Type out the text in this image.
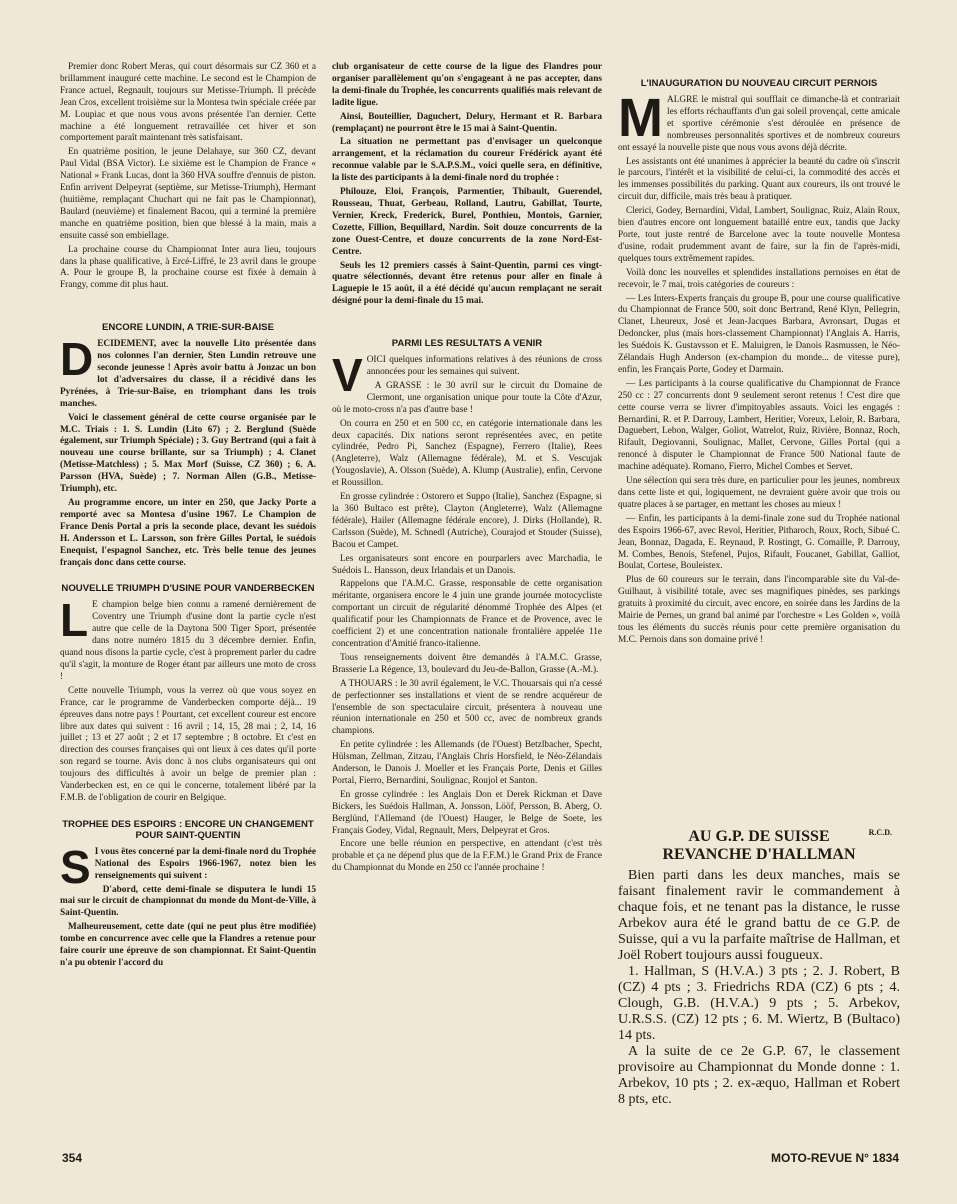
Premier donc Robert Meras, qui court désormais sur CZ 360 et a brillamment inauguré cette machine. Le second est le Champion de France actuel, Regnault, toujours sur Metisse-Triumph. Il précède Jean Cros, excellent troisième sur la Montesa twin spéciale créée par M. Loupiac et que nous vous avons présentée l'an dernier. Cette machine a été longuement retravaillée cet hiver et son comportement paraît maintenant très satisfaisant.

En quatrième position, le jeune Delahaye, sur 360 CZ, devant Paul Vidal (BSA Victor). Le sixième est le Champion de France « National » Frank Lucas, dont la 360 HVA souffre d'ennuis de piston. Enfin arrivent Delpeyrat (septième, sur Metisse-Triumph), Hermant (huitième, remplaçant Chuchart qui ne fait pas le Championnat), Baulard (neuvième) et finalement Bacou, qui a terminé la première manche en quatrième position, bien que blessé à la main, mais a ensuite cassé son embiellage.

La prochaine course du Championnat Inter aura lieu, toujours dans la phase qualificative, à Ercé-Liffré, le 23 avril dans le groupe A. Pour le groupe B, la prochaine course est fixée à demain à Frangy, comme dit plus haut.

ENCORE LUNDIN, A TRIE-SUR-BAISE
D ECIDEMENT, avec la nouvelle Lito présentée dans nos colonnes l'an dernier, Sten Lundin retrouve une seconde jeunesse ! Après avoir battu à Jonzac un bon lot d'adversaires du classe, il a récidivé dans les Pyrénées, à Trie-sur-Baïse, en triomphant dans les trois manches.

Voici le classement général de cette course organisée par le M.C. Triais : 1. S. Lundin (Lito 67) ; 2. Berglund (Suède également, sur Triumph Spéciale) ; 3. Guy Bertrand (qui a fait à nouveau une course brillante, sur sa Triumph) ; 4. Clanet (Metisse-Matchless) ; 5. Max Morf (Suisse, CZ 360) ; 6. A. Parsson (HVA, Suède) ; 7. Norman Allen (G.B., Metisse-Triumph), etc.

Au programme encore, un inter en 250, que Jacky Porte a remporté avec sa Montesa d'usine 1967. Le Champion de France Denis Portal a pris la seconde place, devant les suédois H. Andersson et L. Larsson, son frère Gilles Portal, le suédois Enequist, l'espagnol Sanchez, etc. Très belle tenue des jeunes français donc dans cette course.

NOUVELLE TRIUMPH D'USINE POUR VANDERBECKEN
L E champion belge bien connu a ramené dernièrement de Coventry une Triumph d'usine dont la partie cycle n'est autre que celle de la Daytona 500 Tiger Sport, présentée dans notre numéro 1815 du 3 décembre dernier. Enfin, quand nous disons la partie cycle, c'est à proprement parler du cadre qu'il s'agit, la monture de Roger étant par ailleurs une moto de cross !

Cette nouvelle Triumph, vous la verrez où que vous soyez en France, car le programme de Vanderbecken comporte déjà... 19 épreuves dans notre pays ! Pourtant, cet excellent coureur est encore libre aux dates qui suivent : 16 avril ; 14, 15, 28 mai ; 2, 14, 16 juillet ; 13 et 27 août ; 2 et 17 septembre ; 8 octobre. Et c'est en direction des courses françaises qui ont lieux à ces dates qu'il porte son regard se tourne. Avis donc à nos clubs organisateurs qui ont toujours des difficultés à avoir un belge de premier plan : Vanderbecken est, en ce qui le concerne, totalement libéré par la F.M.B. de l'obligation de courir en Belgique.

TROPHEE DES ESPOIRS : ENCORE UN CHANGEMENT POUR SAINT-QUENTIN
S I vous êtes concerné par la demi-finale nord du Trophée National des Espoirs 1966-1967, notez bien les renseignements qui suivent :

D'abord, cette demi-finale se disputera le lundi 15 mai sur le circuit de championnat du monde du Mont-de-Ville, à Saint-Quentin.

Malheureusement, cette date (qui ne peut plus être modifiée) tombe en concurrence avec celle que la Flandres a retenue pour faire courir une épreuve de son championnat. Et Saint-Quentin n'a pu obtenir l'accord du

club organisateur de cette course de la ligue des Flandres pour organiser parallèlement qu'on s'engageant à ne pas accepter, dans la demi-finale du Trophée, les concurrents qualifiés mais relevant de ladite ligue.

Ainsi, Bouteillier, Daguchert, Delury, Hermant et R. Barbara (remplaçant) ne pourront être le 15 mai à Saint-Quentin.

La situation ne permettant pas d'envisager un quelconque arrangement, et la réclamation du coureur Frédérick ayant été reconnue valable par le S.A.P.S.M., voici quelle sera, en définitive, la liste des participants à la demi-finale nord du trophée :

Philouze, Eloi, François, Parmentier, Thibault, Guerendel, Rousseau, Thuat, Gerbeau, Rolland, Lautru, Gabillat, Tourte, Vernier, Kreck, Frederick, Burel, Ponthieu, Montois, Garnier, Cozette, Fillion, Bequillard, Nardin. Soit douze concurrents de la zone Ouest-Centre, et douze concurrents de la zone Nord-Est-Centre.

Seuls les 12 premiers cassés à Saint-Quentin, parmi ces vingt-quatre sélectionnés, devant être retenus pour aller en finale à Laguepie le 15 août, il a été décidé qu'aucun remplaçant ne serait désigné pour la demi-finale du 15 mai.

PARMI LES RESULTATS A VENIR
V OICI quelques informations relatives à des réunions de cross annoncées pour les semaines qui suivent.

A GRASSE : le 30 avril sur le circuit du Domaine de Clermont, une organisation unique pour toute la Côte d'Azur, où le moto-cross n'a pas d'autre base !

On courra en 250 et en 500 cc, en catégorie internationale dans les deux capacités. Dix nations seront représentées avec, en petite cylindrée, Pedro Pi, Sanchez (Espagne), Ferrero (Italie), Rees (Angleterre), Walz (Allemagne fédérale), M. et S. Vescujak (Yougoslavie), A. Olsson (Suède), A. Klump (Australie), enfin, Cervone et Roussillon.

En grosse cylindrée : Ostorero et Suppo (Italie), Sanchez (Espagne, si la 360 Bultaco est prête), Clayton (Angleterre), Walz (Allemagne fédérale), Hailer (Allemagne fédérale encore), J. Dirks (Hollande), R. Carlsson (Suède), M. Schnedl (Autriche), Courajod et Stouder (Suisse), Bacou et Campet.

Les organisateurs sont encore en pourparlers avec Marchadia, le Suédois L. Hansson, deux Irlandais et un Danois.

Rappelons que l'A.M.C. Grasse, responsable de cette organisation méritante, organisera encore le 4 juin une grande journée motocycliste comportant un circuit de régularité dénommé Trophée des Alpes (et qualificatif pour les Championnats de France et de Provence, avec le coefficient 2) et une concentration nationale frontalière appelée 11e concentration d'Amitié franco-italienne.

Tous renseignements doivent être demandés à l'A.M.C. Grasse, Brasserie La Régence, 13, boulevard du Jeu-de-Ballon, Grasse (A.-M.).

A THOUARS : le 30 avril également, le V.C. Thouarsais qui n'a cessé de perfectionner ses installations et vient de se rendre acquéreur de l'ensemble de son spectaculaire circuit, présentera à nouveau une réunion internationale en 250 et 500 cc, avec de nombreux grands champions.

En petite cylindrée : les Allemands (de l'Ouest) Betzlbacher, Specht, Hülsman, Zellman, Zitzau, l'Anglais Chris Horsfield, le Néo-Zélandais Anderson, le Danois J. Moeller et les Français Porte, Denis et Gilles Portal, Fierro, Bernardini, Soulignac, Roujol et Santon.

En grosse cylindrée : les Anglais Don et Derek Rickman et Dave Bickers, les Suédois Hallman, A. Jonsson, Lööf, Persson, B. Aberg, O. Berglünd, l'Allemand (de l'Ouest) Hauger, le Belge de Soete, les Français Godey, Vidal, Regnault, Mers, Delpeyrat et Gros.

Encore une belle réunion en perspective, en attendant (c'est très probable et ça ne dépend plus que de la F.F.M.) le Grand Prix de France du Championnat du Monde en 250 cc l'année prochaine !

L'INAUGURATION DU NOUVEAU CIRCUIT PERNOIS
M ALGRE le mistral qui soufflait ce dimanche-là et contrariait les efforts réchauffants d'un gai soleil provençal, cette amicale et sportive cérémonie s'est déroulée en présence de nombreuses personnalités sportives et de nombreux coureurs ont essayé la nouvelle piste que nous vous avons déjà décrite.

Les assistants ont été unanimes à apprécier la beauté du cadre où s'inscrit le parcours, l'intérêt et la visibilité de celui-ci, la commodité des accès et les immenses possibilités du parking. Quant aux coureurs, ils ont trouvé le circuit dur, difficile, mais très beau à pratiquer.

Clerici, Godey, Bernardini, Vidal, Lambert, Soulignac, Ruiz, Alain Roux, bien d'autres encore ont longuement bataillé entre eux, tandis que Jacky Porte, tout juste rentré de Barcelone avec la toute nouvelle Montesa d'usine, rodait prudemment avant de faire, sur la fin de l'après-midi, quelques tours extrêmement rapides.

Voilà donc les nouvelles et splendides installations pernoises en état de recevoir, le 7 mai, trois catégories de coureurs :

— Les Inters-Experts français du groupe B, pour une course qualificative du Championnat de France 500, soit donc Bertrand, René Klyn, Pellegrin, Clanet, Lheureux, José et Jean-Jacques Barbara, Avronsart, Dugas et Dedoncker, plus (mais hors-classement Championnat) l'Anglais A. Harris, les Suédois K. Gustavsson et E. Maluigren, le Danois Rasmussen, le Néo-Zélandais Hugh Anderson (ex-champion du monde... de vitesse pure), enfin, les Français Porte, Godey et Darmain.

— Les participants à la course qualificative du Championnat de France 250 cc : 27 concurrents dont 9 seulement seront retenus ! C'est dire que cette course verra se livrer d'impitoyables assauts. Voici les engagés : Bernardini, R. et P. Darrouy, Lambert, Heritier, Voreux, Leloir, R. Barbara, Daguebert, Lebon, Walger, Goliot, Watrelot, Ruiz, Rivière, Bonnaz, Roch, Rifault, Degiovanni, Soulignac, Mallet, Cervone, Gilles Portal (qui a renoncé à disputer le Championnat de France 500 National faute de machine adéquate). Romano, Fierro, Michel Combes et Servet.

Une sélection qui sera très dure, en particulier pour les jeunes, nombreux dans cette liste et qui, logiquement, ne devraient guère avoir que trois ou quatre places à se partager, en mettant les choses au mieux !

— Enfin, les participants à la demi-finale zone sud du Trophée national des Espoirs 1966-67, avec Revol, Heritier, Pitharoch, Roux, Roch, Sibué C. Jean, Bonnaz, Dagada, E. Reynaud, P. Rostingt, G. Comaille, P. Darrouy, M. Combes, Benois, Stefenel, Pujos, Rifault, Foucanet, Gabillat, Galliot, Boulat, Cortese, Bouleistex.

Plus de 60 coureurs sur le terrain, dans l'incomparable site du Val-de-Guilhaut, à visibilité totale, avec ses magnifiques pinèdes, ses parkings gratuits à proximité du circuit, avec encore, en soirée dans les Jardins de la Mairie de Pernes, un grand bal animé par l'orchestre « Les Golden », voilà tous les éléments du succès réunis pour cette première organisation du M.C. Pernois dans son domaine privé !

AU G.P. DE SUISSE	R.C.D.
REVANCHE D'HALLMAN

Bien parti dans les deux manches, mais se faisant finalement ravir le commandement à chaque fois, et ne tenant pas la distance, le russe Arbekov aura été le grand battu de ce G.P. de Suisse, qui a vu la parfaite maîtrise de Hallman, et Joël Robert toujours aussi fougueux.

1. Hallman, S (H.V.A.) 3 pts ; 2. J. Robert, B (CZ) 4 pts ; 3. Friedrichs RDA (CZ) 6 pts ; 4. Clough, G.B. (H.V.A.) 9 pts ; 5. Arbekov, U.R.S.S. (CZ) 12 pts ; 6. M. Wiertz, B (Bultaco) 14 pts.

A la suite de ce 2e G.P. 67, le classement provisoire au Championnat du Monde donne : 1. Arbekov, 10 pts ; 2. ex-æquo, Hallman et Robert 8 pts, etc.

354	MOTO-REVUE N° 1834
